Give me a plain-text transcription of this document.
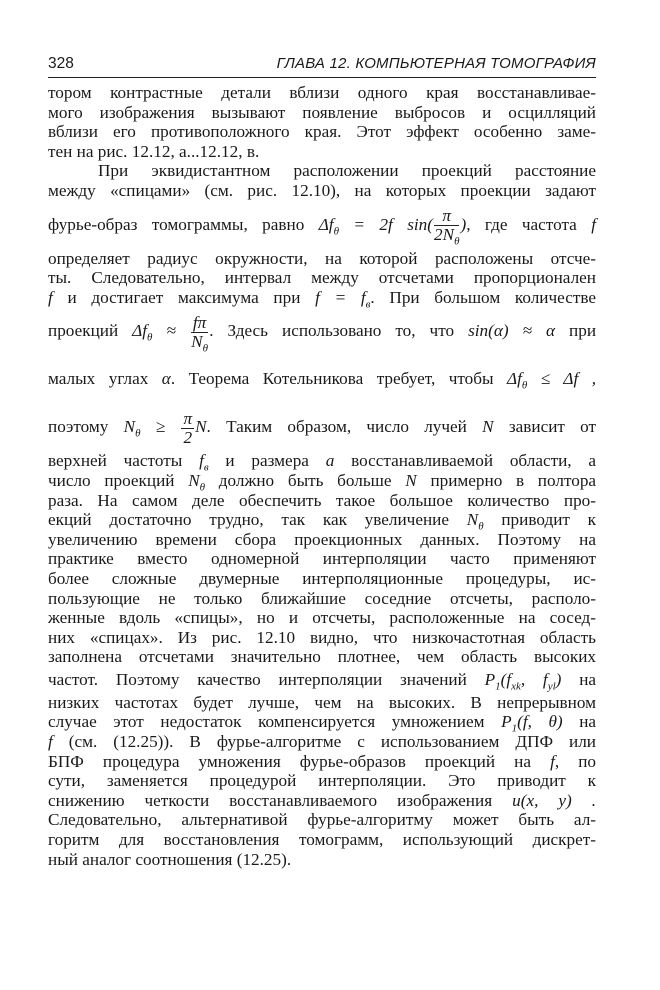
328	ГЛАВА 12. КОМПЬЮТЕРНАЯ ТОМОГРАФИЯ
тором контрастные детали вблизи одного края восстанавливае-
мого изображения вызывают появление выбросов и осцилляций
вблизи его противоположного края. Этот эффект особенно заме-
тен на рис. 12.12, а...12.12, в.
При эквидистантном расположении проекций расстояние
между «спицами» (см. рис. 12.10), на которых проекции задают
фурье-образ томограммы, равно $\Delta f_\theta = 2f$ $\sin( \frac{\pi}{2N_\theta}$ ), где частота f
определяет радиус окружности, на которой расположены отсче-
ты. Следовательно, интервал между отсчетами пропорционален
f и достигает максимума при $f = f_в$. При большом количестве
проекций $\Delta f_\theta \approx \frac{f\pi}{N_\theta}$ . Здесь использовано то, что sin(α) ≈ α при
малых углах α. Теорема Котельникова требует, чтобы $\Delta f_\theta \le \Delta f$ ,
поэтому $N_\theta \ge \frac{\pi}{2} N$. Таким образом, число лучей N зависит от
верхней частоты $f_в$ и размера a восстанавливаемой области, а
число проекций $N_\theta$ должно быть больше N примерно в полтора
раза. На самом деле обеспечить такое большое количество про-
екций достаточно трудно, так как увеличение $N_\theta$ приводит к
увеличению времени сбора проекционных данных. Поэтому на
практике вместо одномерной интерполяции часто применяют
более сложные двумерные интерполяционные процедуры, ис-
пользующие не только ближайшие соседние отсчеты, располо-
женные вдоль «спицы», но и отсчеты, расположенные на сосед-
них «спицах». Из рис. 12.10 видно, что низкочастотная область
заполнена отсчетами значительно плотнее, чем область высоких
частот. Поэтому качество интерполяции значений $P_1(f_{xk}$, $f_{yl}$) на
низких частотах будет лучше, чем на высоких. В непрерывном
случае этот недостаток компенсируется умножением $P_1(f$, θ) на
f (см. (12.25)). В фурье-алгоритме с использованием ДПФ или
БПФ процедура умножения фурье-образов проекций на f, по
сути, заменяется процедурой интерполяции. Это приводит к
снижению четкости восстанавливаемого изображения u(x, y) .
Следовательно, альтернативой фурье-алгоритму может быть ал-
горитм для восстановления томограмм, использующий дискрет-
ный аналог соотношения (12.25).
